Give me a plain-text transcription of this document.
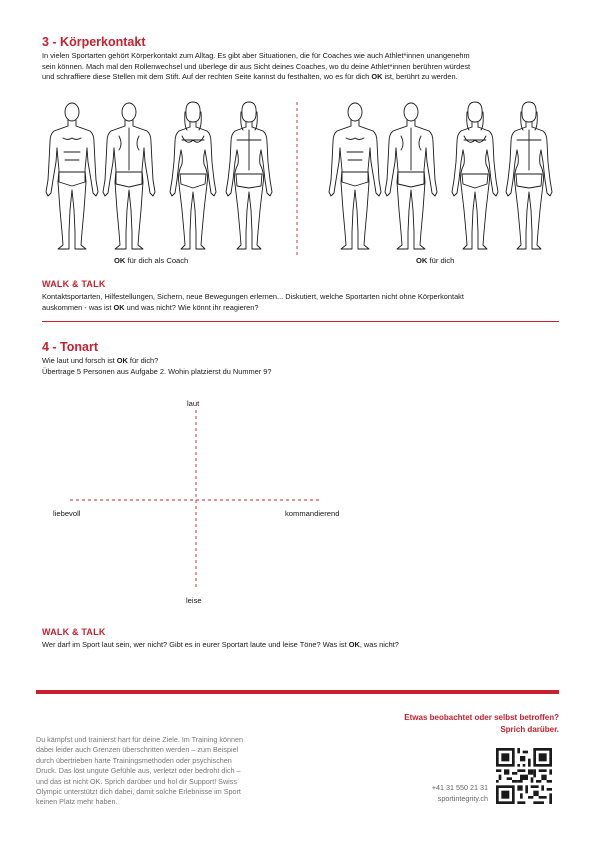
3 - Körperkontakt
In vielen Sportarten gehört Körperkontakt zum Alltag. Es gibt aber Situationen, die für Coaches wie auch Athlet*innen unangenehm
sein können. Mach mal den Rollenwechsel und überlege dir aus Sicht deines Coaches, wo du deine Athlet*innen berühren würdest
und schraffiere diese Stellen mit dem Stift. Auf der rechten Seite kannst du festhalten, wo es für dich OK ist, berührt zu werden.
OK für dich als Coach	OK für dich
WALK & TALK
Kontaktsportarten, Hilfestellungen, Sichern, neue Bewegungen erlernen... Diskutiert, welche Sportarten nicht ohne Körperkontakt
auskommen - was ist OK und was nicht? Wie könnt ihr reagieren?
4 - Tonart
Wie laut und forsch ist OK für dich?
Übertrage 5 Personen aus Aufgabe 2. Wohin platzierst du Nummer 9?
laut
leise
liebevoll	kommandierend
WALK & TALK
Wer darf im Sport laut sein, wer nicht? Gibt es in eurer Sportart laute und leise Töne? Was ist OK, was nicht?
Etwas beobachtet oder selbst betroffen?
Sprich darüber.
Du kämpfst und trainierst hart für deine Ziele. Im Training können
dabei leider auch Grenzen überschritten werden – zum Beispiel
durch übertrieben harte Trainingsmethoden oder psychischen
Druck. Das löst ungute Gefühle aus, verletzt oder bedroht dich –
und das ist nicht OK. Sprich darüber und hol dir Support! Swiss
Olympic unterstützt dich dabei, damit solche Erlebnisse im Sport
keinen Platz mehr haben.
+41 31 550 21 31
sportintegrity.ch
